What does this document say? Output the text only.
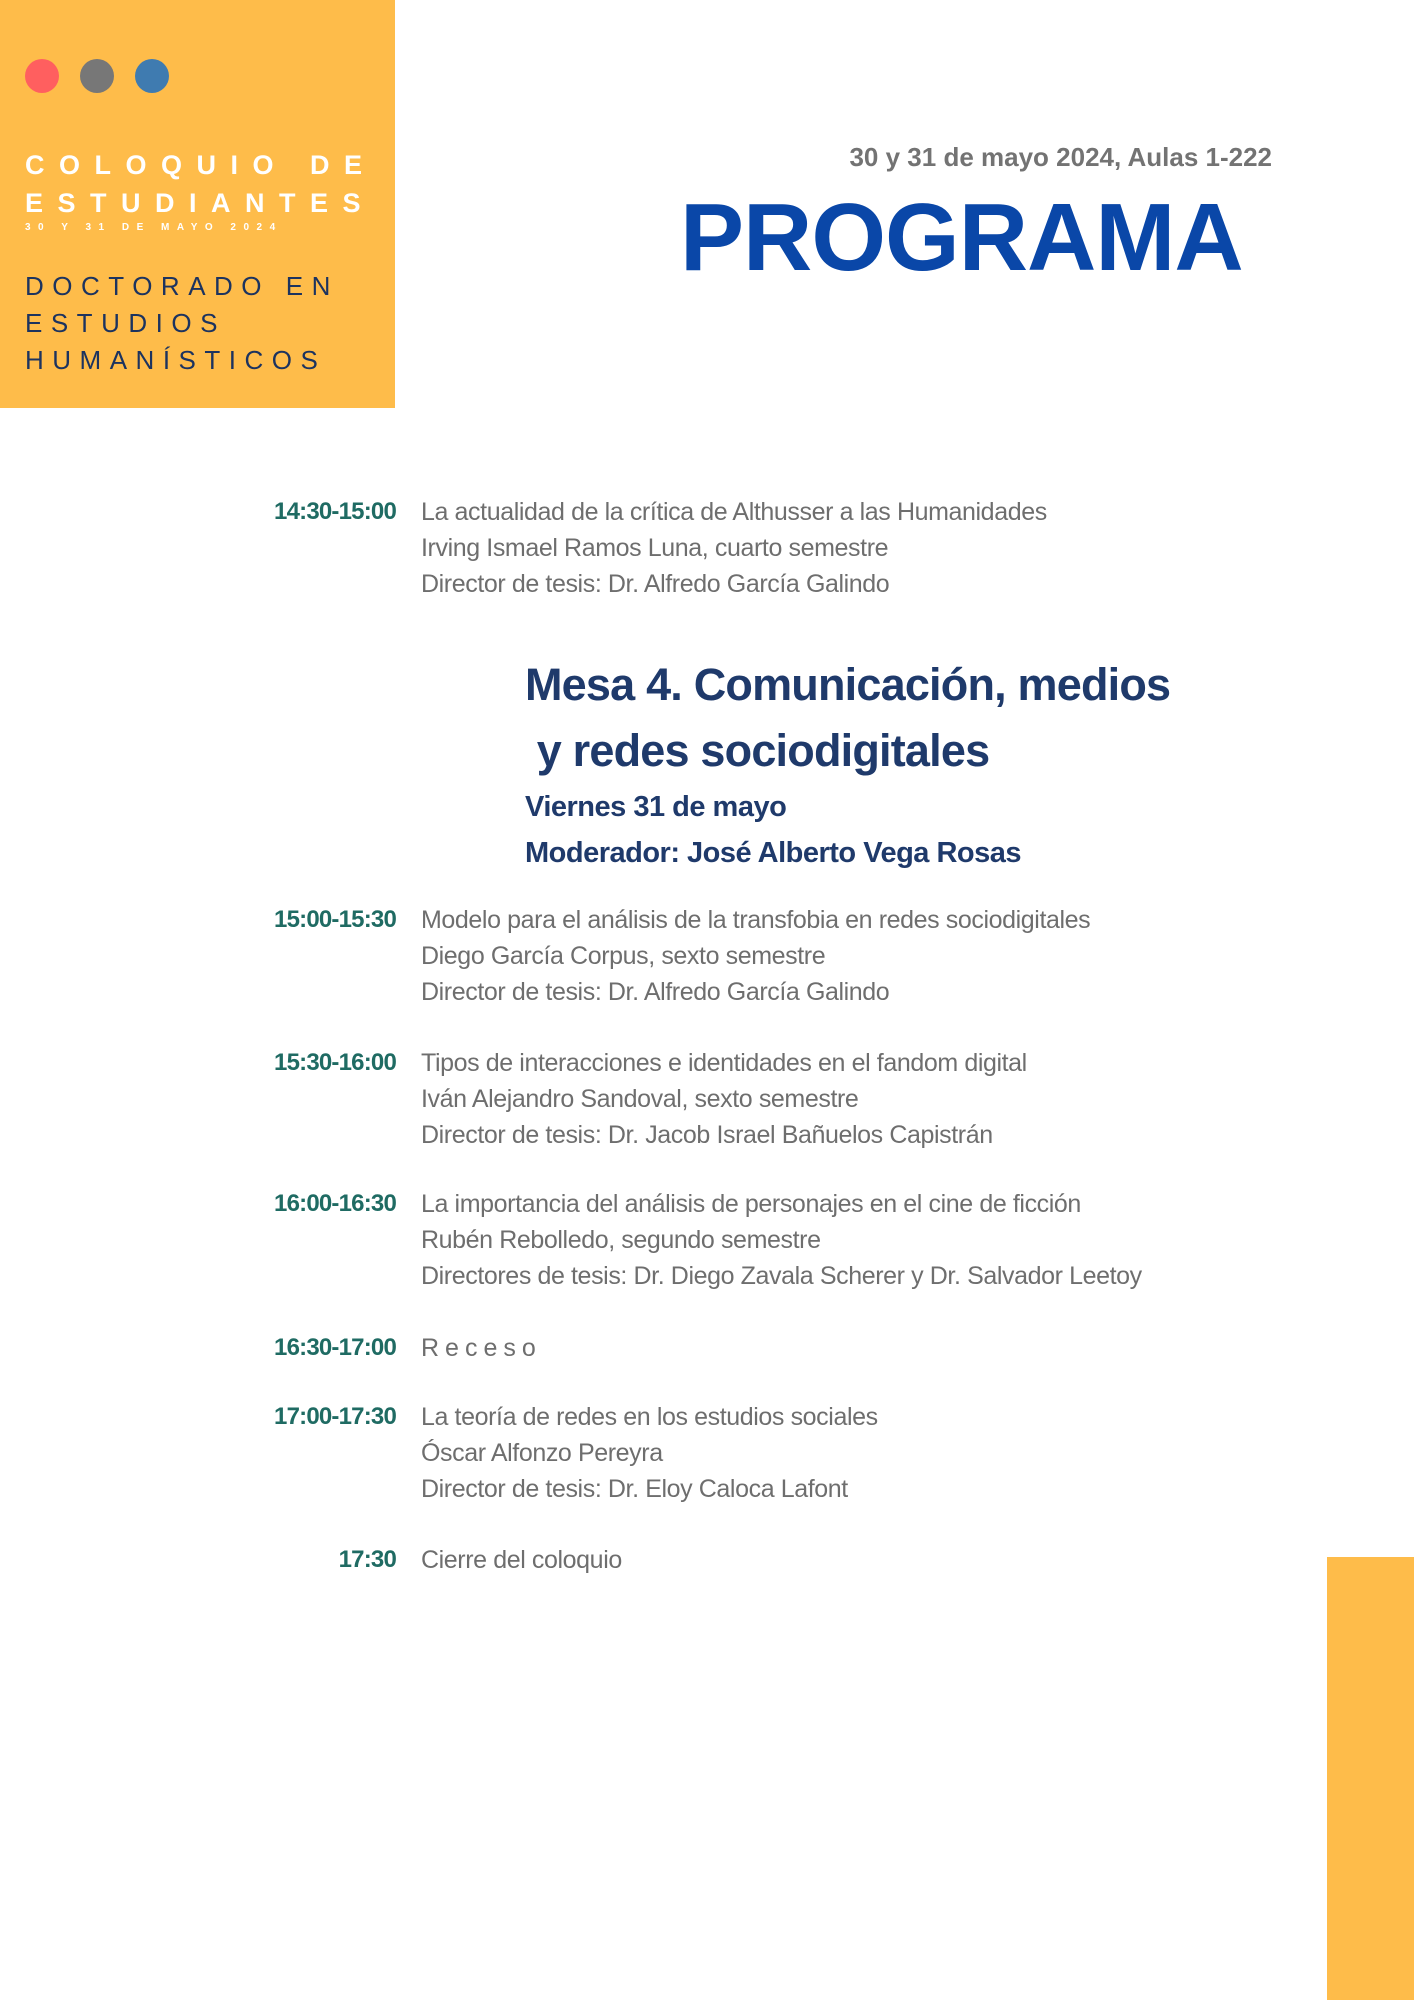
COLOQUIO DE
ESTUDIANTES
30 Y 31 DE MAYO 2024
DOCTORADO EN
ESTUDIOS
HUMANÍSTICOS
30 y 31 de mayo 2024, Aulas 1-222
PROGRAMA
14:30-15:00 La actualidad de la crítica de Althusser a las Humanidades
Irving Ismael Ramos Luna, cuarto semestre
Director de tesis: Dr. Alfredo García Galindo
Mesa 4. Comunicación, medios
y redes sociodigitales
Viernes 31 de mayo
Moderador: José Alberto Vega Rosas
15:00-15:30 Modelo para el análisis de la transfobia en redes sociodigitales
Diego García Corpus, sexto semestre
Director de tesis: Dr. Alfredo García Galindo
15:30-16:00 Tipos de interacciones e identidades en el fandom digital
Iván Alejandro Sandoval, sexto semestre
Director de tesis: Dr. Jacob Israel Bañuelos Capistrán
16:00-16:30 La importancia del análisis de personajes en el cine de ficción
Rubén Rebolledo, segundo semestre
Directores de tesis: Dr. Diego Zavala Scherer y Dr. Salvador Leetoy
16:30-17:00 Receso
17:00-17:30 La teoría de redes en los estudios sociales
Óscar Alfonzo Pereyra
Director de tesis: Dr. Eloy Caloca Lafont
17:30 Cierre del coloquio
